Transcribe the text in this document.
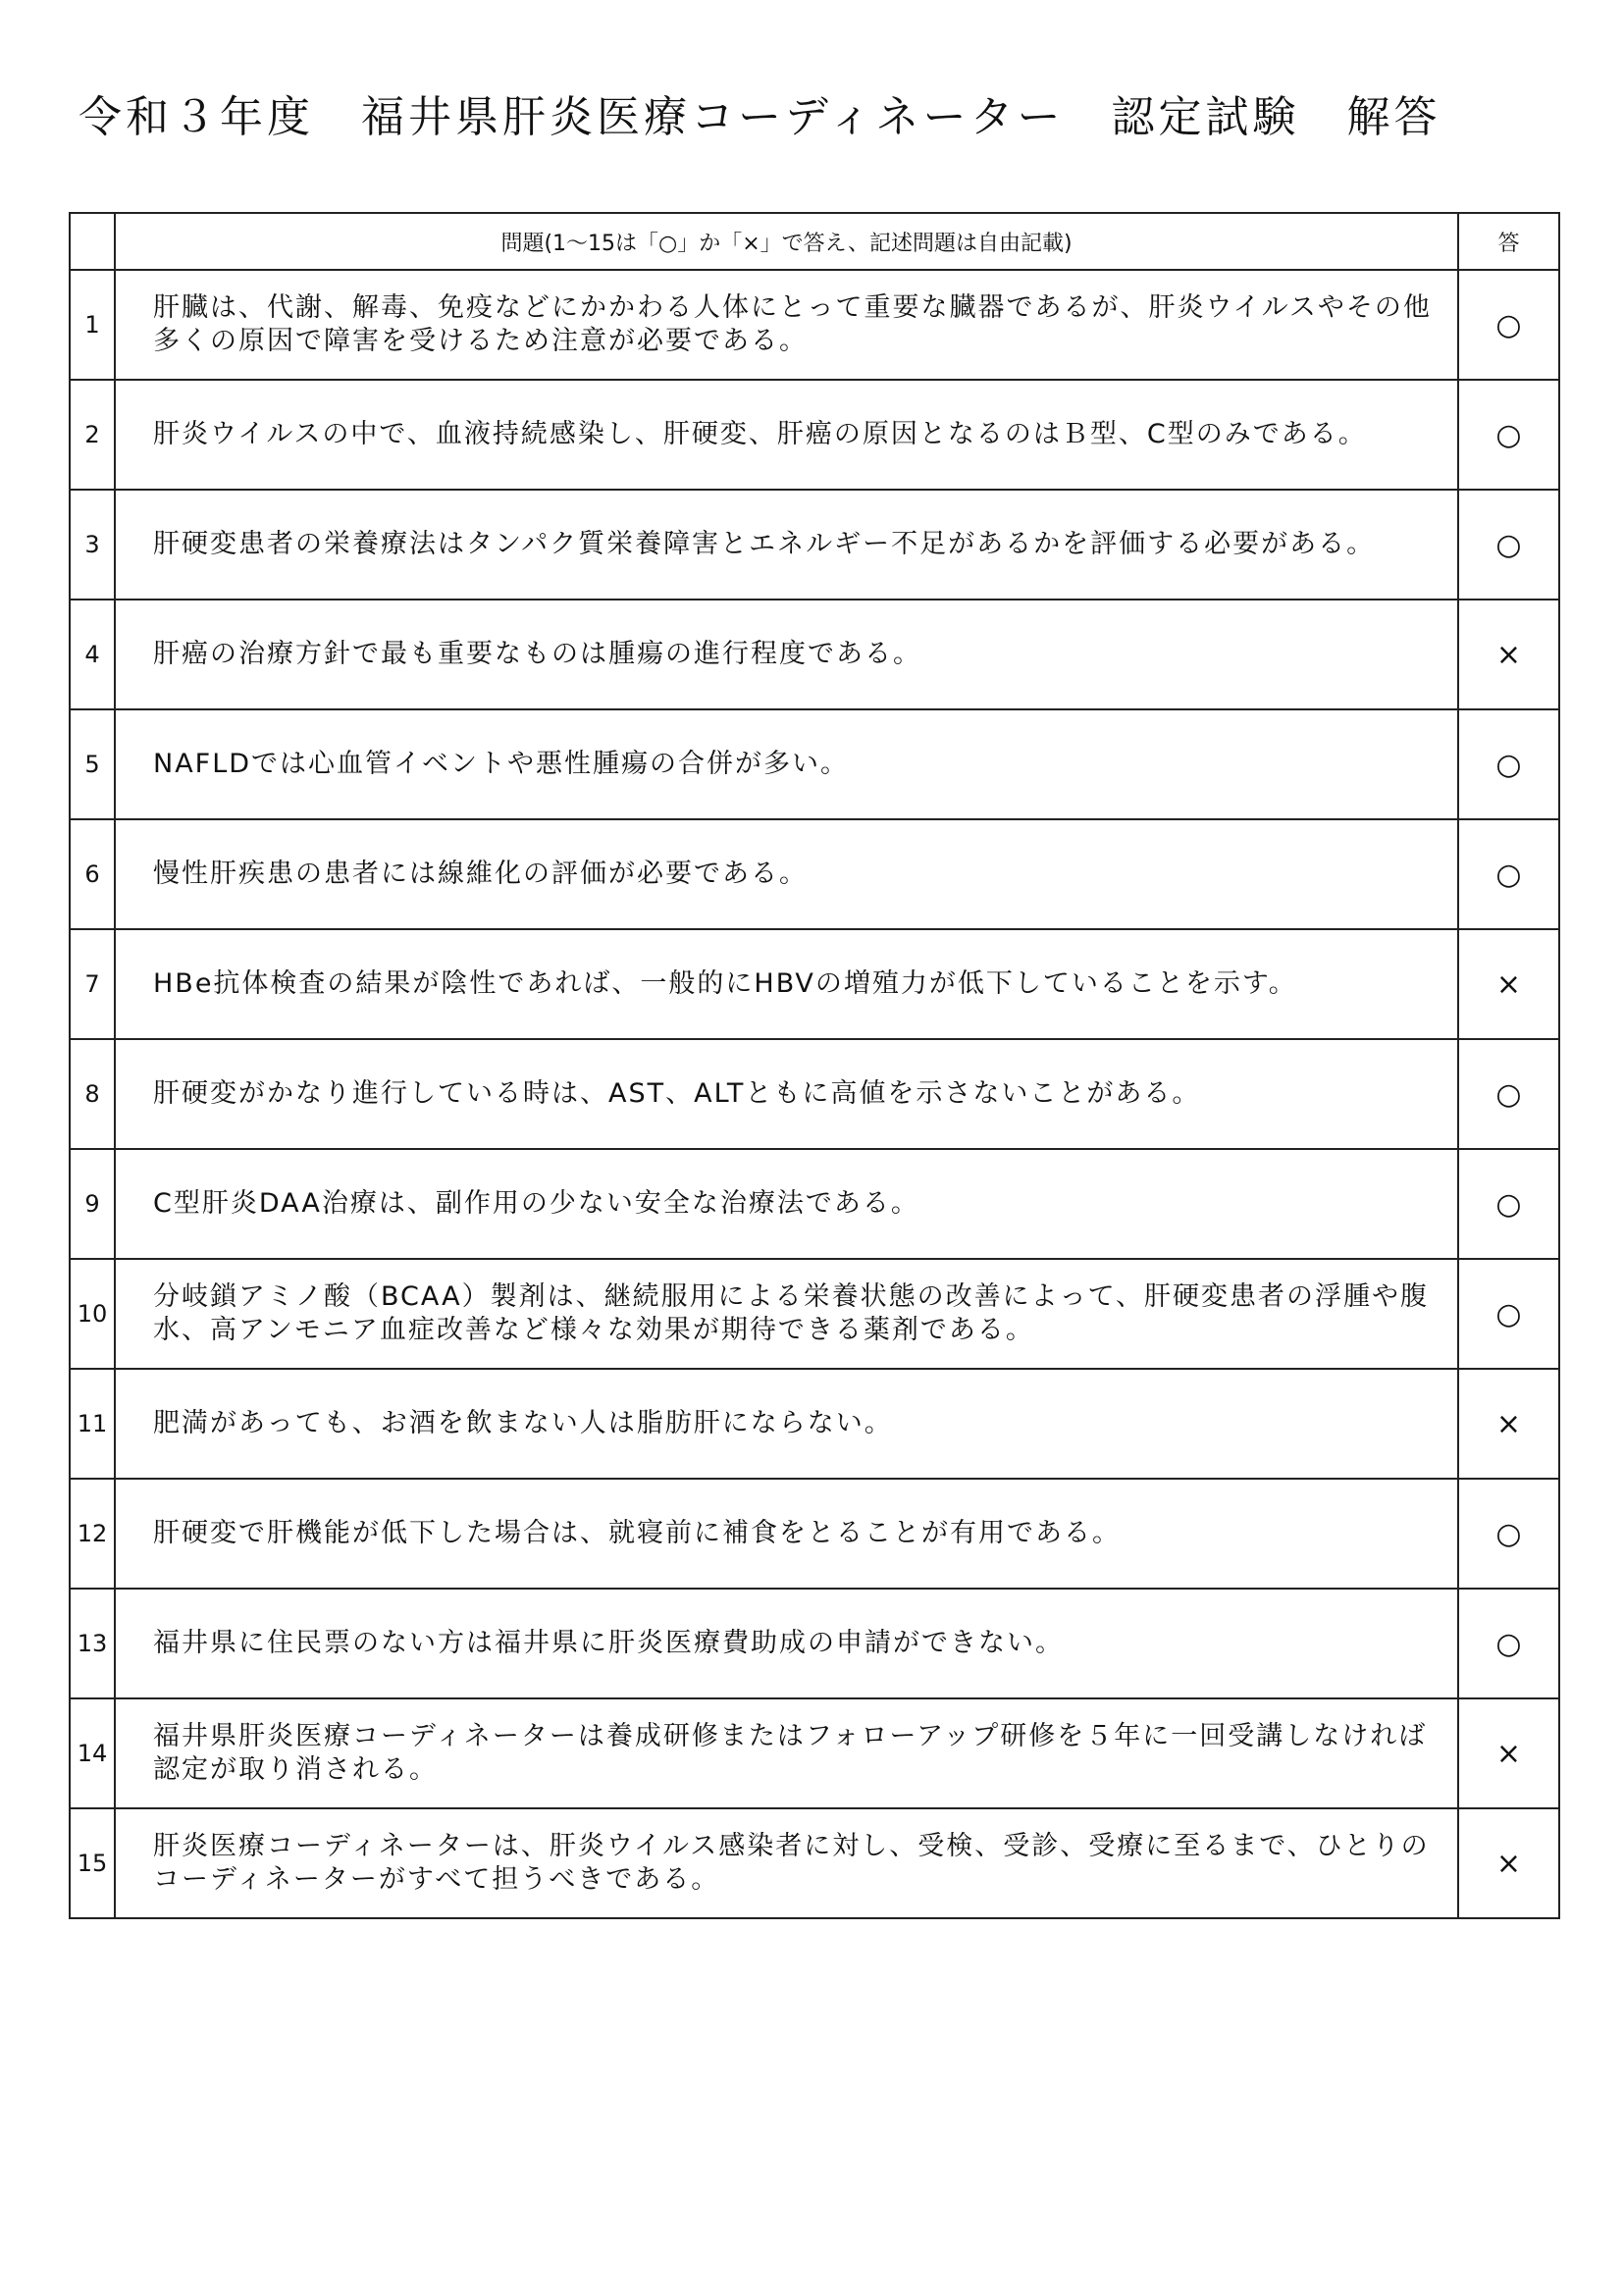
令和３年度　福井県肝炎医療コーディネーター　認定試験　解答
	問題(1～15は「○」か「×」で答え、記述問題は自由記載)	答
1	肝臓は、代謝、解毒、免疫などにかかわる人体にとって重要な臓器であるが、肝炎ウイルスやその他多くの原因で障害を受けるため注意が必要である。	○
2	肝炎ウイルスの中で、血液持続感染し、肝硬変、肝癌の原因となるのはＢ型、C型のみである。	○
3	肝硬変患者の栄養療法はタンパク質栄養障害とエネルギー不足があるかを評価する必要がある。	○
4	肝癌の治療方針で最も重要なものは腫瘍の進行程度である。	×
5	NAFLDでは心血管イベントや悪性腫瘍の合併が多い。	○
6	慢性肝疾患の患者には線維化の評価が必要である。	○
7	HBe抗体検査の結果が陰性であれば、一般的にHBVの増殖力が低下していることを示す。	×
8	肝硬変がかなり進行している時は、AST、ALTともに高値を示さないことがある。	○
9	C型肝炎DAA治療は、副作用の少ない安全な治療法である。	○
10	分岐鎖アミノ酸（BCAA）製剤は、継続服用による栄養状態の改善によって、肝硬変患者の浮腫や腹水、高アンモニア血症改善など様々な効果が期待できる薬剤である。	○
11	肥満があっても、お酒を飲まない人は脂肪肝にならない。	×
12	肝硬変で肝機能が低下した場合は、就寝前に補食をとることが有用である。	○
13	福井県に住民票のない方は福井県に肝炎医療費助成の申請ができない。	○
14	福井県肝炎医療コーディネーターは養成研修またはフォローアップ研修を５年に一回受講しなければ認定が取り消される。	×
15	肝炎医療コーディネーターは、肝炎ウイルス感染者に対し、受検、受診、受療に至るまで、ひとりのコーディネーターがすべて担うべきである。	×
